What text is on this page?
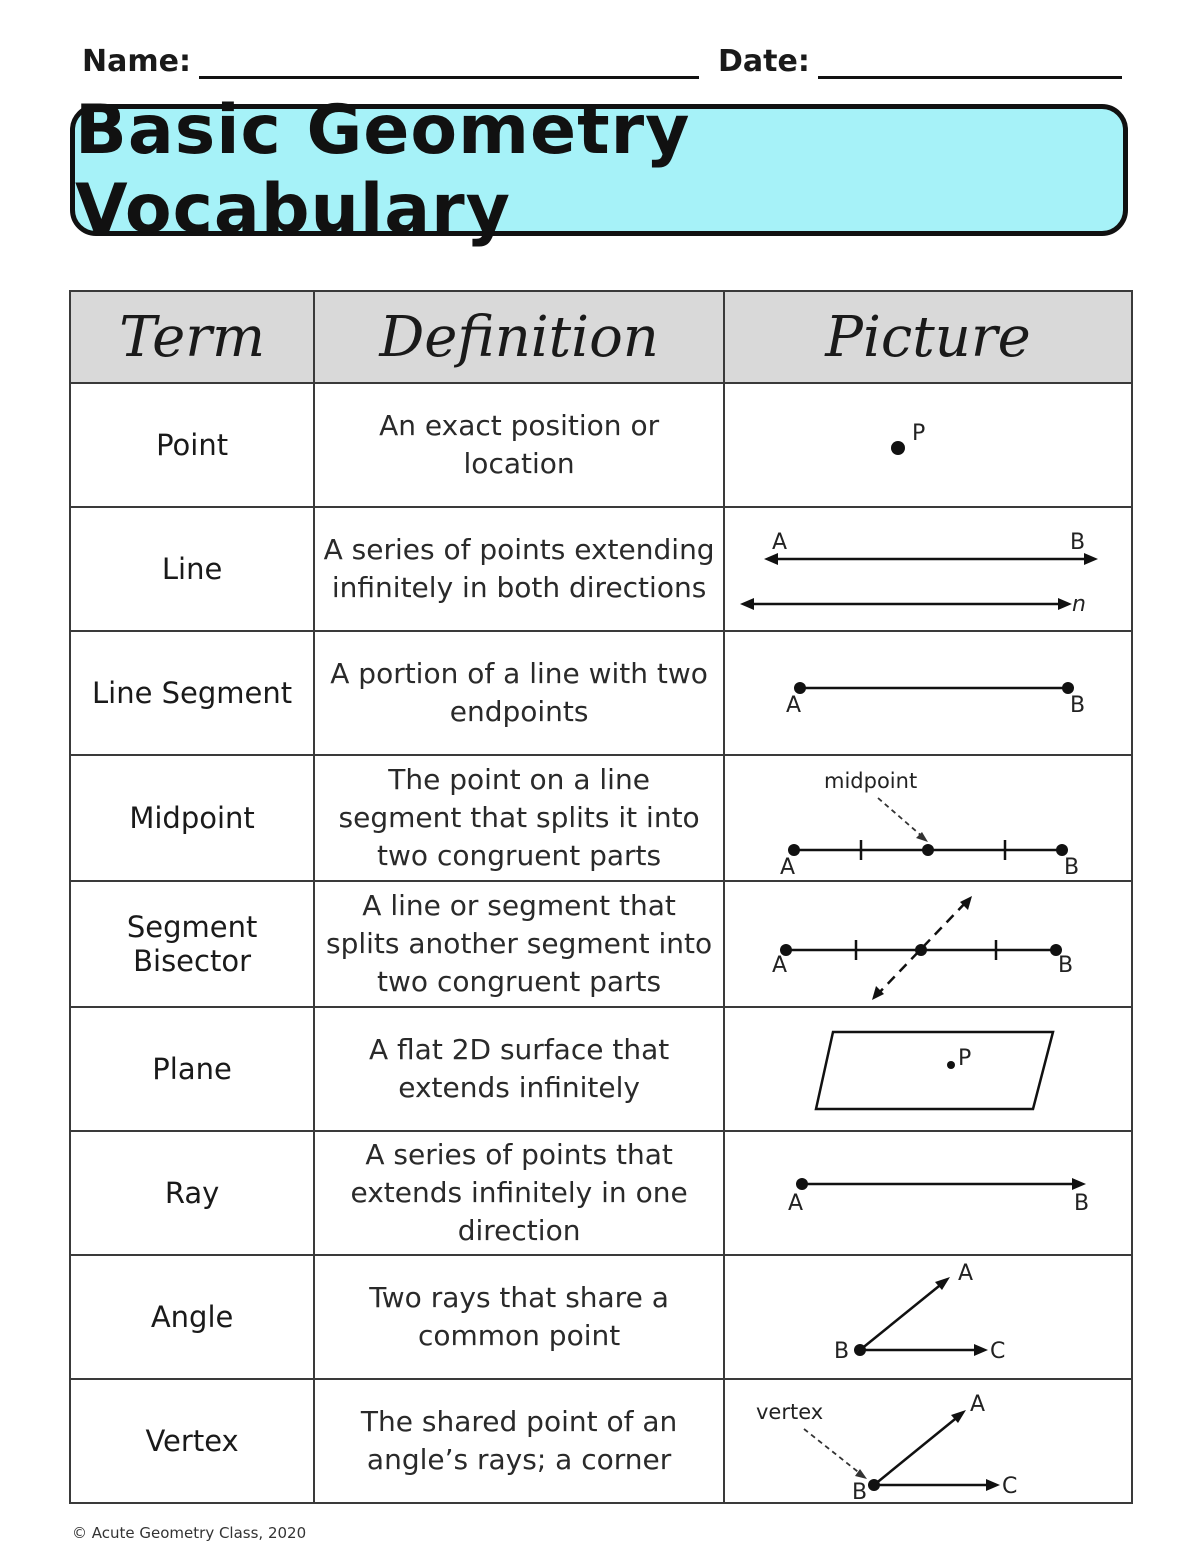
Name:	Date:
Basic Geometry Vocabulary
Term	Definition	Picture
Point	An exact position or location	P

Line	A series of points extending infinitely in both directions	A B
n

Line Segment	A portion of a line with two endpoints	A B

Midpoint	The point on a line segment that splits it into two congruent parts	midpoint
A B

Segment Bisector	A line or segment that splits another segment into two congruent parts	A B

Plane	A flat 2D surface that extends infinitely	P

Ray	A series of points that extends infinitely in one direction	A B

Angle	Two rays that share a common point	A
B C

Vertex	The shared point of an angle’s rays; a corner	vertex A
B C
© Acute Geometry Class, 2020
